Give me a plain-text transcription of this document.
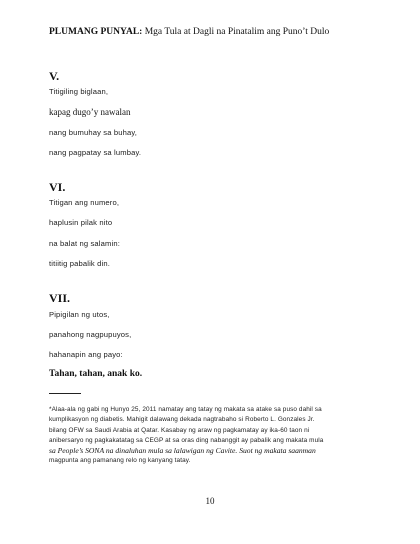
PLUMANG PUNYAL: Mga Tula at Dagli na Pinatalim ang Puno’t Dulo
V.
Titigiling biglaan,
kapag dugo’y nawalan
nang bumuhay sa buhay,
nang pagpatay sa lumbay.
VI.
Titigan ang numero,
haplusin pilak nito
na balat ng salamin:
titiitig pabalik din.
VII.
Pipigilan ng utos,
panahong nagpupuyos,
hahanapin ang payo:
Tahan, tahan, anak ko.
*Alaa-ala ng gabi ng Hunyo 25, 2011 namatay ang tatay ng makata sa atake sa puso dahil sa
kumplikasyon ng diabetis. Mahigit dalawang dekada nagtrabaho si Roberto L. Gonzales Jr.
bilang OFW sa Saudi Arabia at Qatar. Kasabay ng araw ng pagkamatay ay ika-60 taon ni
anibersaryo ng pagkakatatag sa CEGP at sa oras ding nabanggit ay pabalik ang makata mula
sa People’s SONA na dinaluhan mula sa lalawigan ng Cavite. Suot ng makata saanman
magpunta ang pamanang relo ng kanyang tatay.
10
